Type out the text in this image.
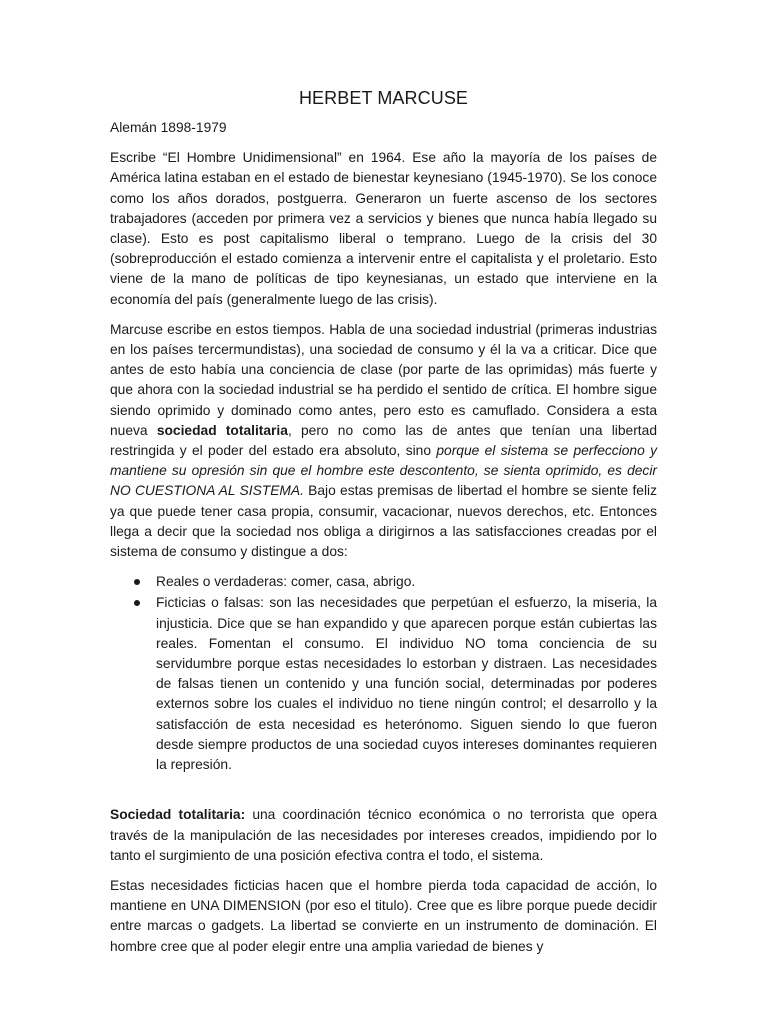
HERBET MARCUSE

Alemán 1898-1979

Escribe “El Hombre Unidimensional” en 1964. Ese año la mayoría de los países de América latina estaban en el estado de bienestar keynesiano (1945-1970). Se los conoce como los años dorados, postguerra. Generaron un fuerte ascenso de los sectores trabajadores (acceden por primera vez a servicios y bienes que nunca había llegado su clase). Esto es post capitalismo liberal o temprano. Luego de la crisis del 30 (sobreproducción el estado comienza a intervenir entre el capitalista y el proletario. Esto viene de la mano de políticas de tipo keynesianas, un estado que interviene en la economía del país (generalmente luego de las crisis).

Marcuse escribe en estos tiempos. Habla de una sociedad industrial (primeras industrias en los países tercermundistas), una sociedad de consumo y él la va a criticar. Dice que antes de esto había una conciencia de clase (por parte de las oprimidas) más fuerte y que ahora con la sociedad industrial se ha perdido el sentido de crítica. El hombre sigue siendo oprimido y dominado como antes, pero esto es camuflado. Considera a esta nueva sociedad totalitaria, pero no como las de antes que tenían una libertad restringida y el poder del estado era absoluto, sino porque el sistema se perfecciono y mantiene su opresión sin que el hombre este descontento, se sienta oprimido, es decir NO CUESTIONA AL SISTEMA. Bajo estas premisas de libertad el hombre se siente feliz ya que puede tener casa propia, consumir, vacacionar, nuevos derechos, etc. Entonces llega a decir que la sociedad nos obliga a dirigirnos a las satisfacciones creadas por el sistema de consumo y distingue a dos:

Reales o verdaderas: comer, casa, abrigo.
Ficticias o falsas: son las necesidades que perpetúan el esfuerzo, la miseria, la injusticia. Dice que se han expandido y que aparecen porque están cubiertas las reales. Fomentan el consumo. El individuo NO toma conciencia de su servidumbre porque estas necesidades lo estorban y distraen. Las necesidades de falsas tienen un contenido y una función social, determinadas por poderes externos sobre los cuales el individuo no tiene ningún control; el desarrollo y la satisfacción de esta necesidad es heterónomo. Siguen siendo lo que fueron desde siempre productos de una sociedad cuyos intereses dominantes requieren la represión.

Sociedad totalitaria: una coordinación técnico económica o no terrorista que opera través de la manipulación de las necesidades por intereses creados, impidiendo por lo tanto el surgimiento de una posición efectiva contra el todo, el sistema.

Estas necesidades ficticias hacen que el hombre pierda toda capacidad de acción, lo mantiene en UNA DIMENSION (por eso el titulo). Cree que es libre porque puede decidir entre marcas o gadgets. La libertad se convierte en un instrumento de dominación. El hombre cree que al poder elegir entre una amplia variedad de bienes y
